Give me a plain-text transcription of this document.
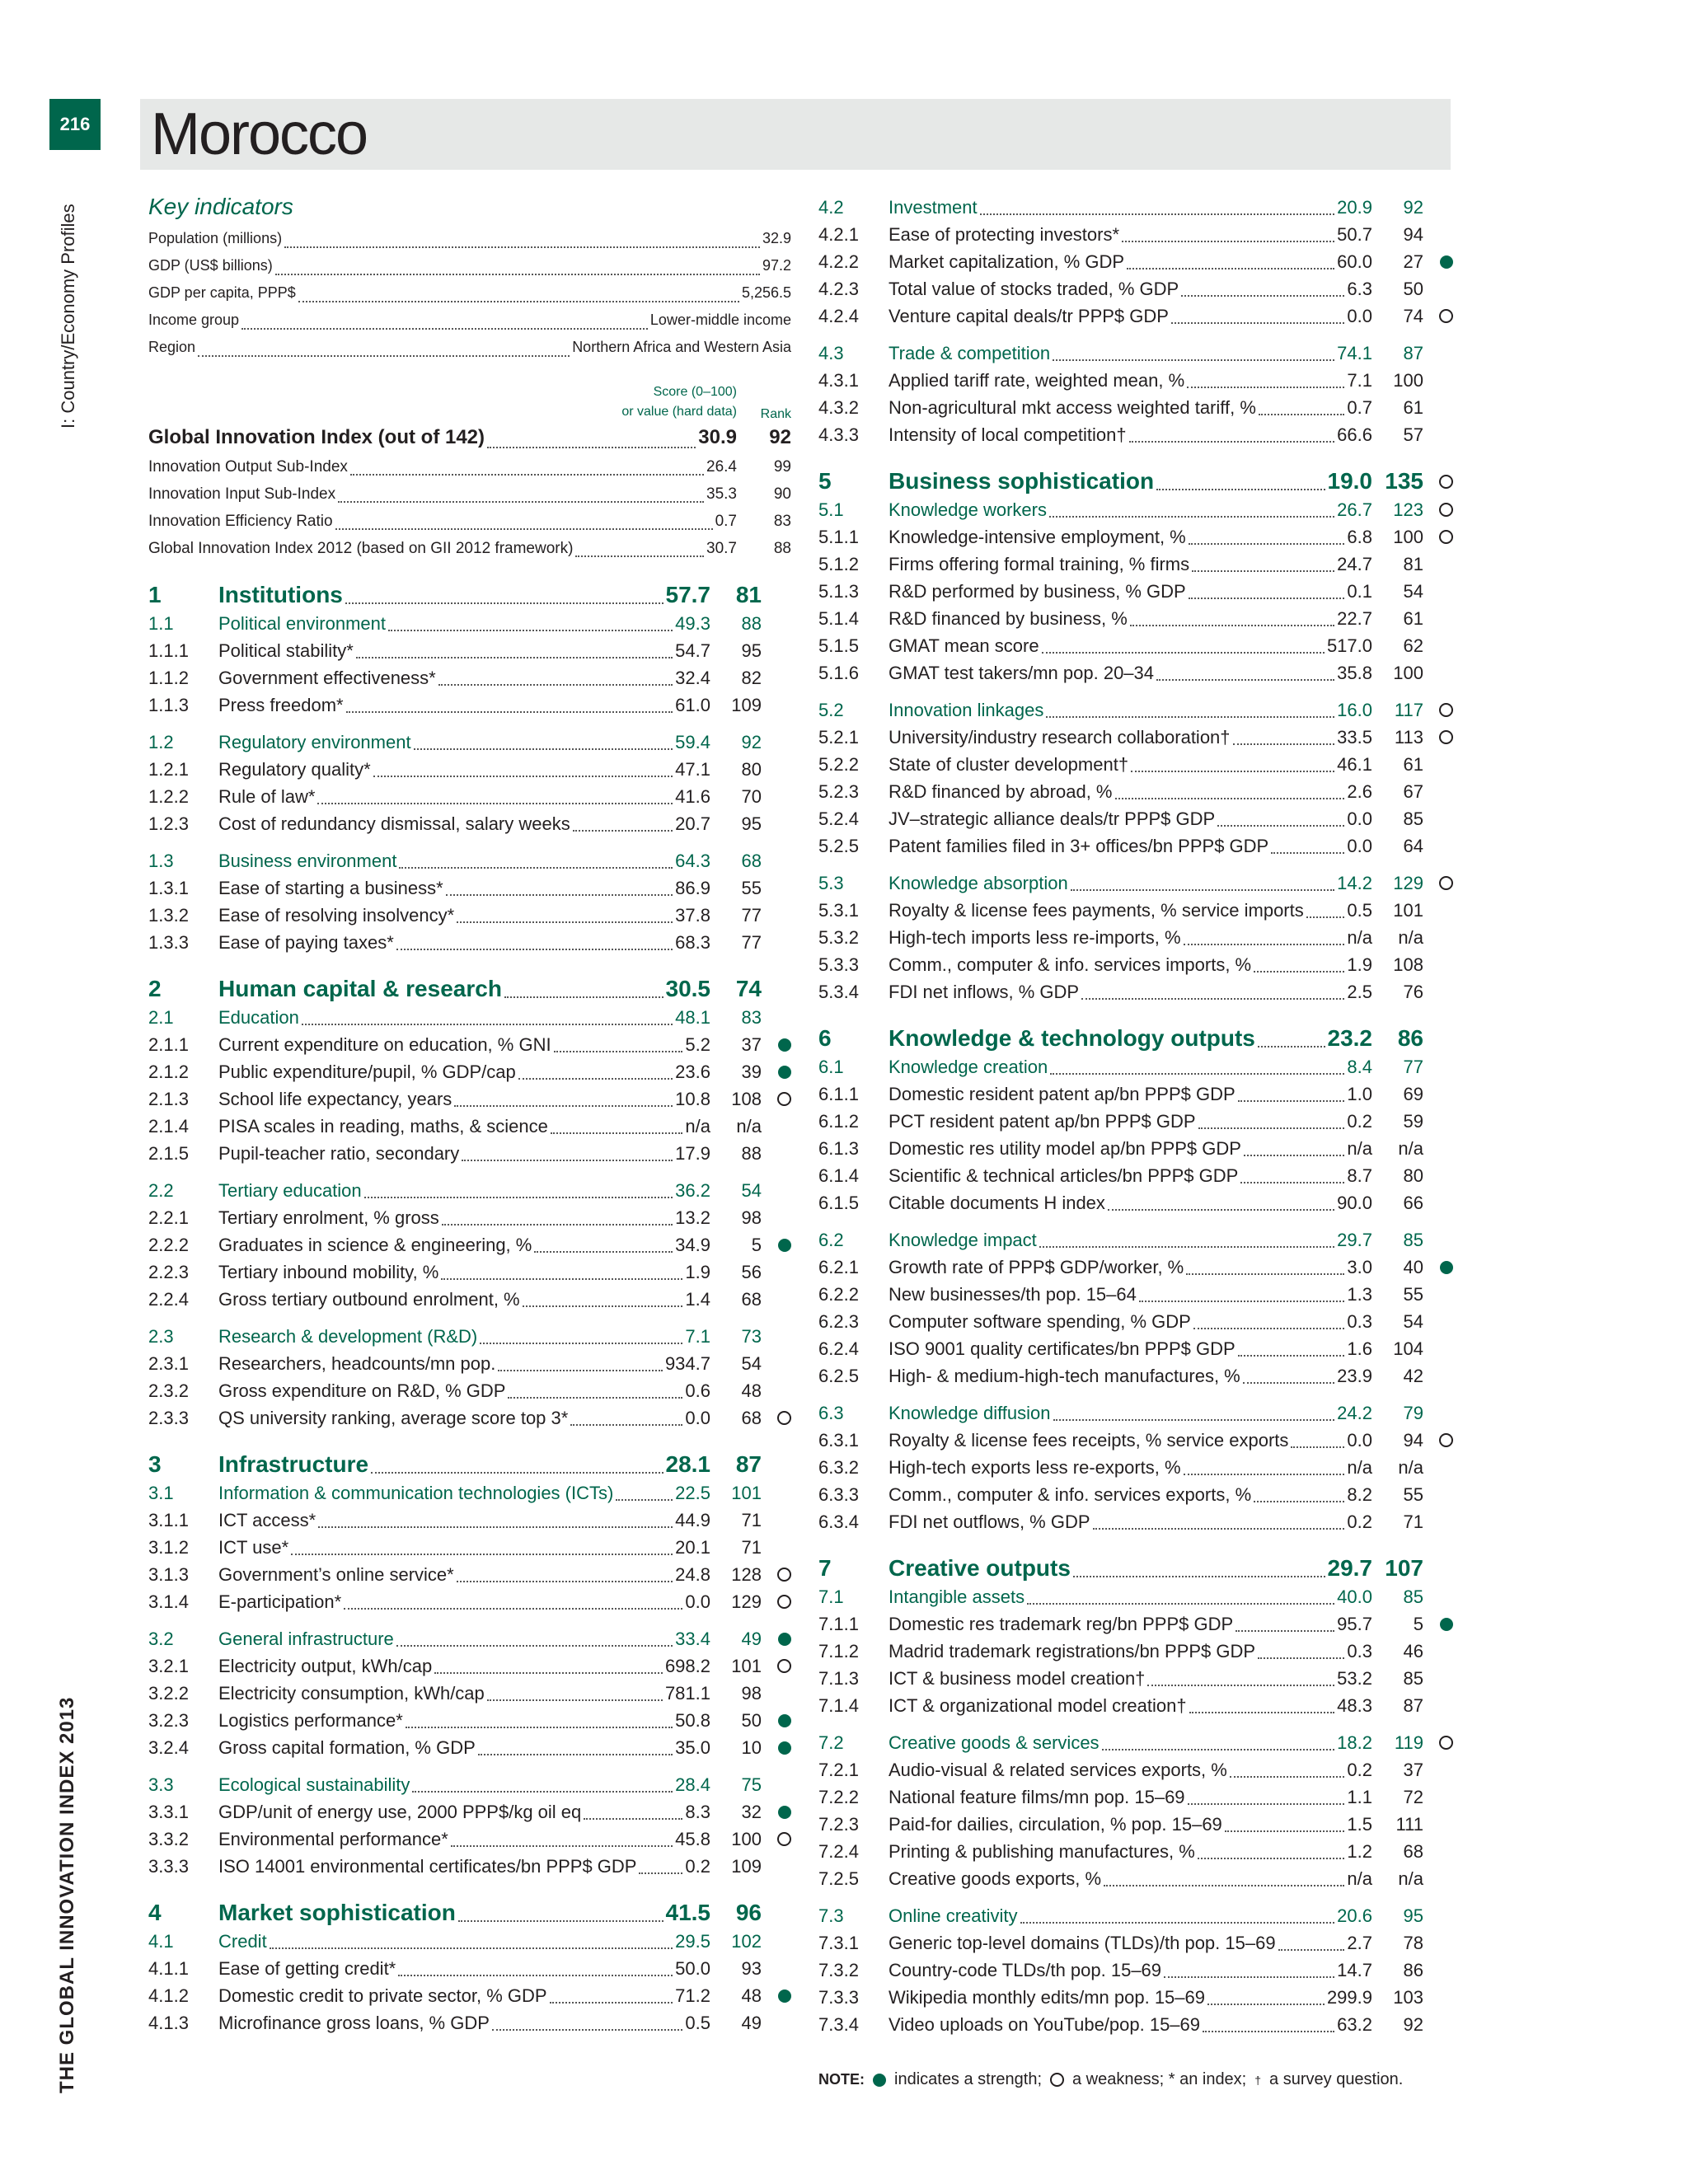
216 Morocco
I: Country/Economy Profiles
THE GLOBAL INNOVATION INDEX 2013
Key indicators
Population (millions)	32.9
GDP (US$ billions)	97.2
GDP per capita, PPP$	5,256.5
Income group	Lower-middle income
Region	Northern Africa and Western Asia
Score (0–100)
or value (hard data)	Rank
Global Innovation Index (out of 142)	30.9	92
Innovation Output Sub-Index	26.4	99
Innovation Input Sub-Index	35.3	90
Innovation Efficiency Ratio	0.7	83
Global Innovation Index 2012 (based on GII 2012 framework)	30.7	88
1	Institutions	57.7	81
1.1	Political environment	49.3	88
1.1.1	Political stability*	54.7	95
1.1.2	Government effectiveness*	32.4	82
1.1.3	Press freedom*	61.0	109
1.2	Regulatory environment	59.4	92
1.2.1	Regulatory quality*	47.1	80
1.2.2	Rule of law*	41.6	70
1.2.3	Cost of redundancy dismissal, salary weeks	20.7	95
1.3	Business environment	64.3	68
1.3.1	Ease of starting a business*	86.9	55
1.3.2	Ease of resolving insolvency*	37.8	77
1.3.3	Ease of paying taxes*	68.3	77
2	Human capital & research	30.5	74
2.1	Education	48.1	83
2.1.1	Current expenditure on education, % GNI	5.2	37
2.1.2	Public expenditure/pupil, % GDP/cap	23.6	39
2.1.3	School life expectancy, years	10.8	108
2.1.4	PISA scales in reading, maths, & science	n/a	n/a
2.1.5	Pupil-teacher ratio, secondary	17.9	88
2.2	Tertiary education	36.2	54
2.2.1	Tertiary enrolment, % gross	13.2	98
2.2.2	Graduates in science & engineering, %	34.9	5
2.2.3	Tertiary inbound mobility, %	1.9	56
2.2.4	Gross tertiary outbound enrolment, %	1.4	68
2.3	Research & development (R&D)	7.1	73
2.3.1	Researchers, headcounts/mn pop.	934.7	54
2.3.2	Gross expenditure on R&D, % GDP	0.6	48
2.3.3	QS university ranking, average score top 3*	0.0	68
3	Infrastructure	28.1	87
3.1	Information & communication technologies (ICTs)	22.5	101
3.1.1	ICT access*	44.9	71
3.1.2	ICT use*	20.1	71
3.1.3	Government’s online service*	24.8	128
3.1.4	E-participation*	0.0	129
3.2	General infrastructure	33.4	49
3.2.1	Electricity output, kWh/cap	698.2	101
3.2.2	Electricity consumption, kWh/cap	781.1	98
3.2.3	Logistics performance*	50.8	50
3.2.4	Gross capital formation, % GDP	35.0	10
3.3	Ecological sustainability	28.4	75
3.3.1	GDP/unit of energy use, 2000 PPP$/kg oil eq	8.3	32
3.3.2	Environmental performance*	45.8	100
3.3.3	ISO 14001 environmental certificates/bn PPP$ GDP	0.2	109
4	Market sophistication	41.5	96
4.1	Credit	29.5	102
4.1.1	Ease of getting credit*	50.0	93
4.1.2	Domestic credit to private sector, % GDP	71.2	48
4.1.3	Microfinance gross loans, % GDP	0.5	49
4.2	Investment	20.9	92
4.2.1	Ease of protecting investors*	50.7	94
4.2.2	Market capitalization, % GDP	60.0	27
4.2.3	Total value of stocks traded, % GDP	6.3	50
4.2.4	Venture capital deals/tr PPP$ GDP	0.0	74
4.3	Trade & competition	74.1	87
4.3.1	Applied tariff rate, weighted mean, %	7.1	100
4.3.2	Non-agricultural mkt access weighted tariff, %	0.7	61
4.3.3	Intensity of local competition†	66.6	57
5	Business sophistication	19.0 135
5.1	Knowledge workers	26.7	123
5.1.1	Knowledge-intensive employment, %	6.8	100
5.1.2	Firms offering formal training, % firms	24.7	81
5.1.3	R&D performed by business, % GDP	0.1	54
5.1.4	R&D financed by business, %	22.7	61
5.1.5	GMAT mean score	517.0	62
5.1.6	GMAT test takers/mn pop. 20–34	35.8	100
5.2	Innovation linkages	16.0	117
5.2.1	University/industry research collaboration†	33.5	113
5.2.2	State of cluster development†	46.1	61
5.2.3	R&D financed by abroad, %	2.6	67
5.2.4	JV–strategic alliance deals/tr PPP$ GDP	0.0	85
5.2.5	Patent families filed in 3+ offices/bn PPP$ GDP	0.0	64
5.3	Knowledge absorption	14.2	129
5.3.1	Royalty & license fees payments, % service imports 0.5	101
5.3.2	High-tech imports less re-imports, %	n/a	n/a
5.3.3	Comm., computer & info. services imports, %	1.9	108
5.3.4	FDI net inflows, % GDP	2.5	76
6	Knowledge & technology outputs	23.2	86
6.1	Knowledge creation	8.4	77
6.1.1	Domestic resident patent ap/bn PPP$ GDP	1.0	69
6.1.2	PCT resident patent ap/bn PPP$ GDP	0.2	59
6.1.3	Domestic res utility model ap/bn PPP$ GDP	n/a	n/a
6.1.4	Scientific & technical articles/bn PPP$ GDP	8.7	80
6.1.5	Citable documents H index	90.0	66
6.2	Knowledge impact	29.7	85
6.2.1	Growth rate of PPP$ GDP/worker, %	3.0	40
6.2.2	New businesses/th pop. 15–64	1.3	55
6.2.3	Computer software spending, % GDP	0.3	54
6.2.4	ISO 9001 quality certificates/bn PPP$ GDP	1.6	104
6.2.5	High- & medium-high-tech manufactures, %	23.9	42
6.3	Knowledge diffusion	24.2	79
6.3.1	Royalty & license fees receipts, % service exports	0.0	94
6.3.2	High-tech exports less re-exports, %	n/a	n/a
6.3.3	Comm., computer & info. services exports, %	8.2	55
6.3.4	FDI net outflows, % GDP	0.2	71
7	Creative outputs	29.7 107
7.1	Intangible assets	40.0	85
7.1.1	Domestic res trademark reg/bn PPP$ GDP	95.7	5
7.1.2	Madrid trademark registrations/bn PPP$ GDP	0.3	46
7.1.3	ICT & business model creation†	53.2	85
7.1.4	ICT & organizational model creation†	48.3	87
7.2	Creative goods & services	18.2	119
7.2.1	Audio-visual & related services exports, %	0.2	37
7.2.2	National feature films/mn pop. 15–69	1.1	72
7.2.3	Paid-for dailies, circulation, % pop. 15–69	1.5	111
7.2.4	Printing & publishing manufactures, %	1.2	68
7.2.5	Creative goods exports, %	n/a	n/a
7.3	Online creativity	20.6	95
7.3.1	Generic top-level domains (TLDs)/th pop. 15–69	2.7	78
7.3.2	Country-code TLDs/th pop. 15–69	14.7	86
7.3.3	Wikipedia monthly edits/mn pop. 15–69	299.9	103
7.3.4	Video uploads on YouTube/pop. 15–69	63.2	92
NOTE: indicates a strength; a weakness; * an index; † a survey question.
